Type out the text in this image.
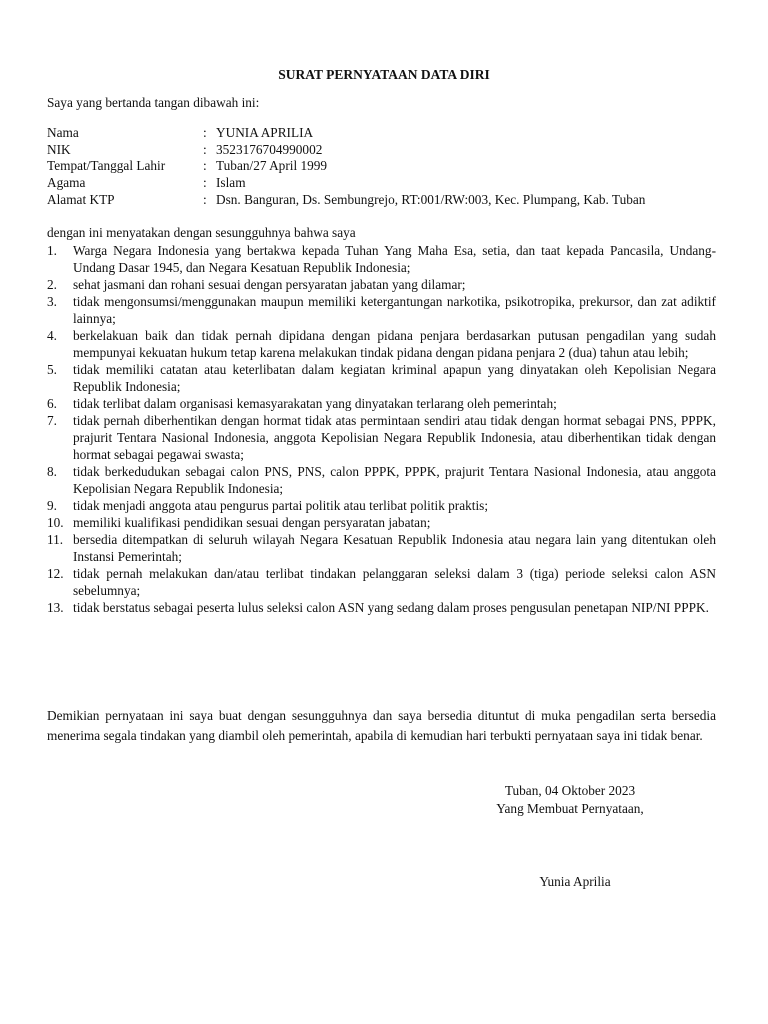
SURAT PERNYATAAN DATA DIRI
Saya yang bertanda tangan dibawah ini:
Nama	: YUNIA APRILIA
NIK	: 3523176704990002
Tempat/Tanggal Lahir	: Tuban/27 April 1999
Agama	: Islam
Alamat KTP	: Dsn. Banguran, Ds. Sembungrejo, RT:001/RW:003, Kec. Plumpang, Kab. Tuban
dengan ini menyatakan dengan sesungguhnya bahwa saya
1.	Warga Negara Indonesia yang bertakwa kepada Tuhan Yang Maha Esa, setia, dan taat kepada Pancasila, Undang-Undang Dasar 1945, dan Negara Kesatuan Republik Indonesia;
2.	sehat jasmani dan rohani sesuai dengan persyaratan jabatan yang dilamar;
3.	tidak mengonsumsi/menggunakan maupun memiliki ketergantungan narkotika, psikotropika, prekursor, dan zat adiktif lainnya;
4.	berkelakuan baik dan tidak pernah dipidana dengan pidana penjara berdasarkan putusan pengadilan yang sudah mempunyai kekuatan hukum tetap karena melakukan tindak pidana dengan pidana penjara 2 (dua) tahun atau lebih;
5.	tidak memiliki catatan atau keterlibatan dalam kegiatan kriminal apapun yang dinyatakan oleh Kepolisian Negara Republik Indonesia;
6.	tidak terlibat dalam organisasi kemasyarakatan yang dinyatakan terlarang oleh pemerintah;
7.	tidak pernah diberhentikan dengan hormat tidak atas permintaan sendiri atau tidak dengan hormat sebagai PNS, PPPK, prajurit Tentara Nasional Indonesia, anggota Kepolisian Negara Republik Indonesia, atau diberhentikan tidak dengan hormat sebagai pegawai swasta;
8.	tidak berkedudukan sebagai calon PNS, PNS, calon PPPK, PPPK, prajurit Tentara Nasional Indonesia, atau anggota Kepolisian Negara Republik Indonesia;
9.	tidak menjadi anggota atau pengurus partai politik atau terlibat politik praktis;
10. memiliki kualifikasi pendidikan sesuai dengan persyaratan jabatan;
11. bersedia ditempatkan di seluruh wilayah Negara Kesatuan Republik Indonesia atau negara lain yang ditentukan oleh Instansi Pemerintah;
12. tidak pernah melakukan dan/atau terlibat tindakan pelanggaran seleksi dalam 3 (tiga) periode seleksi calon ASN sebelumnya;
13. tidak berstatus sebagai peserta lulus seleksi calon ASN yang sedang dalam proses pengusulan penetapan NIP/NI PPPK.
Demikian pernyataan ini saya buat dengan sesungguhnya dan saya bersedia dituntut di muka pengadilan serta bersedia menerima segala tindakan yang diambil oleh pemerintah, apabila di kemudian hari terbukti pernyataan saya ini tidak benar.
Tuban, 04 Oktober 2023
Yang Membuat Pernyataan,
Yunia Aprilia
